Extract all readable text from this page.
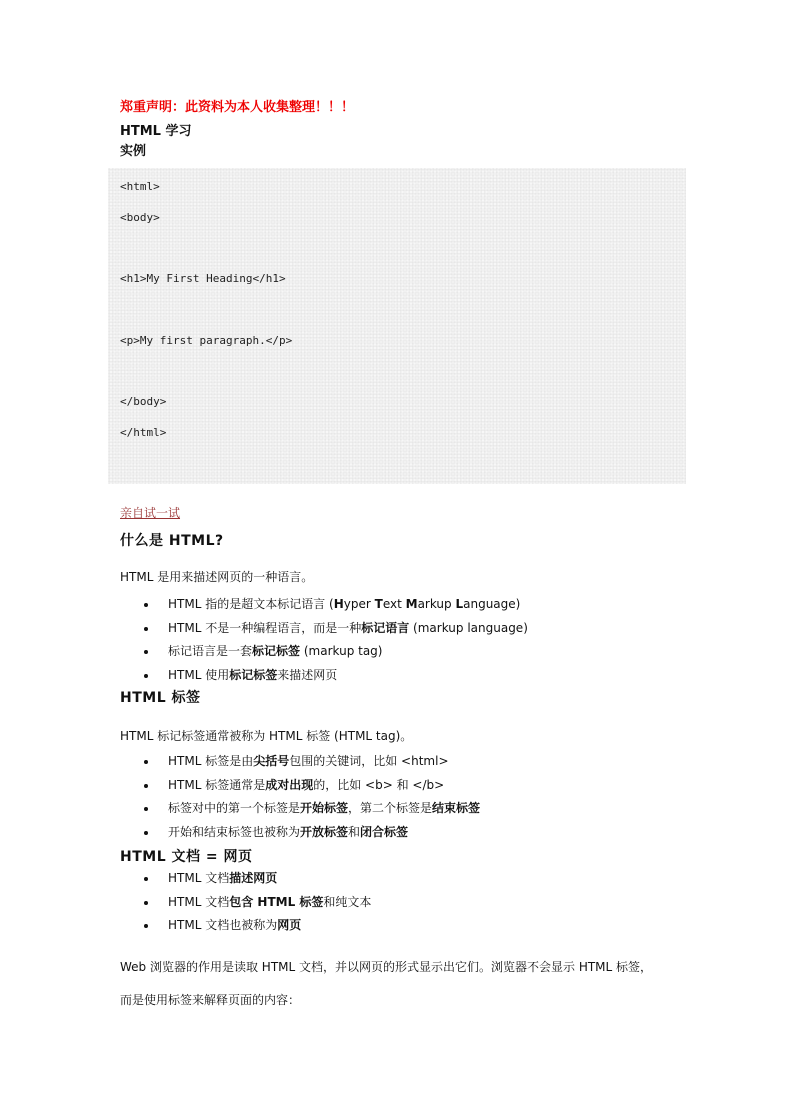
郑重声明：此资料为本人收集整理！！！
HTML 学习
实例
<html>
<body>
<h1>My First Heading</h1>
<p>My first paragraph.</p>
</body>
</html>
亲自试一试
什么是 HTML?
HTML 是用来描述网页的一种语言。
HTML 指的是超文本标记语言 (Hyper Text Markup Language)
HTML 不是一种编程语言，而是一种标记语言 (markup language)
标记语言是一套标记标签 (markup tag)
HTML 使用标记标签来描述网页
HTML 标签
HTML 标记标签通常被称为 HTML 标签 (HTML tag)。
HTML 标签是由尖括号包围的关键词，比如 <html>
HTML 标签通常是成对出现的，比如 <b> 和 </b>
标签对中的第一个标签是开始标签，第二个标签是结束标签
开始和结束标签也被称为开放标签和闭合标签
HTML 文档 = 网页
HTML 文档描述网页
HTML 文档包含 HTML 标签和纯文本
HTML 文档也被称为网页
Web 浏览器的作用是读取 HTML 文档，并以网页的形式显示出它们。浏览器不会显示 HTML 标签，
而是使用标签来解释页面的内容：
